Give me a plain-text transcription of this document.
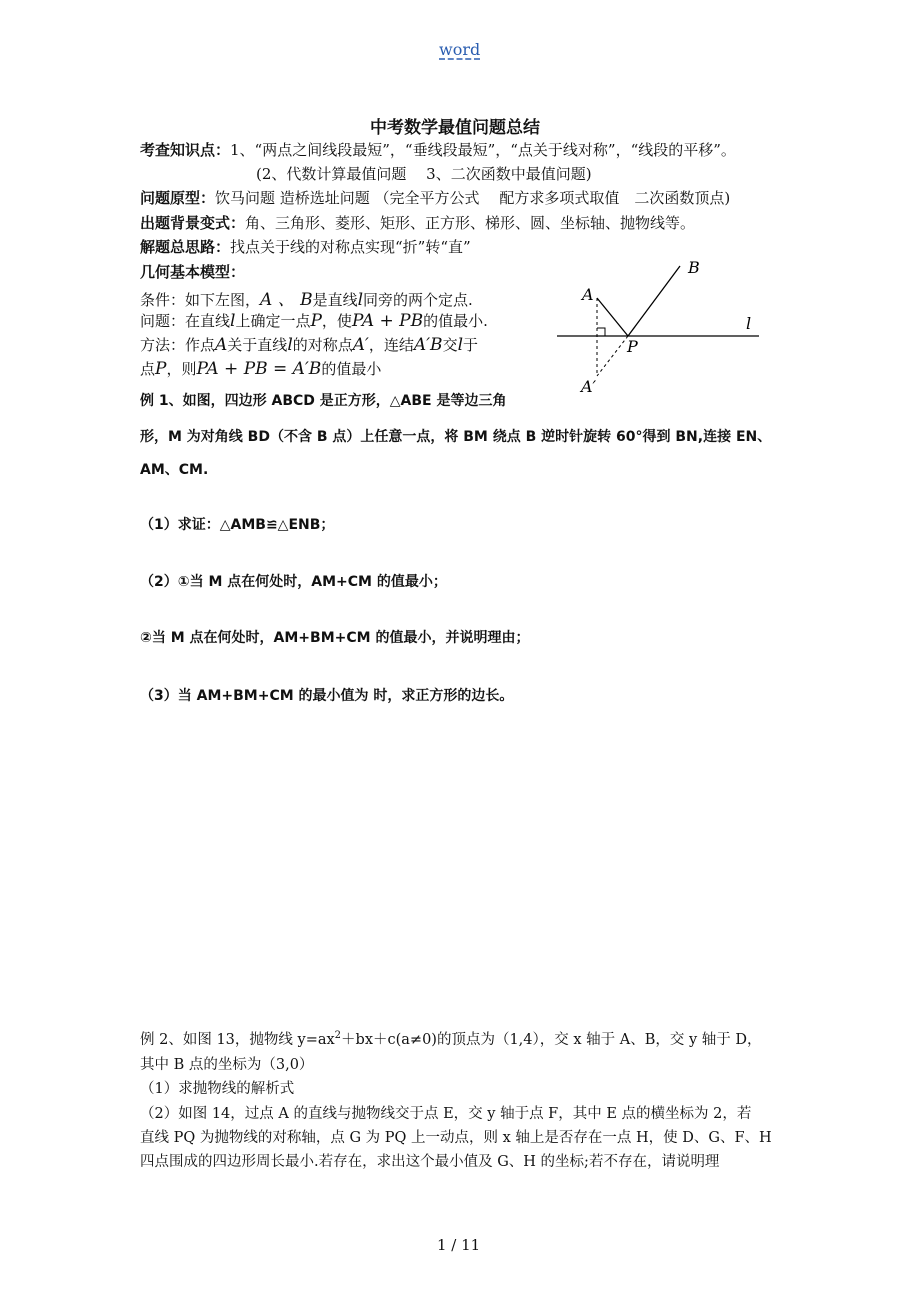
word
中考数学最值问题总结
考查知识点：1、“两点之间线段最短”，“垂线段最短”，“点关于线对称”，“线段的平移”。
(2、代数计算最值问题　 3、二次函数中最值问题)
问题原型：饮马问题 造桥选址问题 （完全平方公式　 配方求多项式取值　二次函数顶点)
出题背景变式：角、三角形、菱形、矩形、正方形、梯形、圆、坐标轴、抛物线等。
解题总思路：找点关于线的对称点实现“折”转“直”
几何基本模型：
条件：如下左图，A 、 B是直线l同旁的两个定点.
问题：在直线l上确定一点P，使PA + PB的值最小.
方法：作点A关于直线l的对称点A′，连结A′B交l于
点P，则PA + PB = A′B的值最小
A
B
l
P
A′
例 1、如图，四边形 ABCD 是正方形，△ABE 是等边三角
形，M 为对角线 BD（不含 B 点）上任意一点，将 BM 绕点 B 逆时针旋转 60°得到 BN,连接 EN、
AM、CM.
（1）求证：△AMB≌△ENB；
（2）①当 M 点在何处时，AM+CM 的值最小；
②当 M 点在何处时，AM+BM+CM 的值最小，并说明理由；
（3）当 AM+BM+CM 的最小值为 时，求正方形的边长。
例 2、如图 13，抛物线 $y=ax^2+bx+c(a\ne 0)$的顶点为（1,4），交 x 轴于 A、B，交 y 轴于 D，
其中 B 点的坐标为（3,0）
（1）求抛物线的解析式
（2）如图 14，过点 A 的直线与抛物线交于点 E，交 y 轴于点 F，其中 E 点的横坐标为 2，若
直线 PQ 为抛物线的对称轴，点 G 为 PQ 上一动点，则 x 轴上是否存在一点 H，使 D、G、F、H
四点围成的四边形周长最小.若存在，求出这个最小值及 G、H 的坐标;若不存在，请说明理
1 / 11
